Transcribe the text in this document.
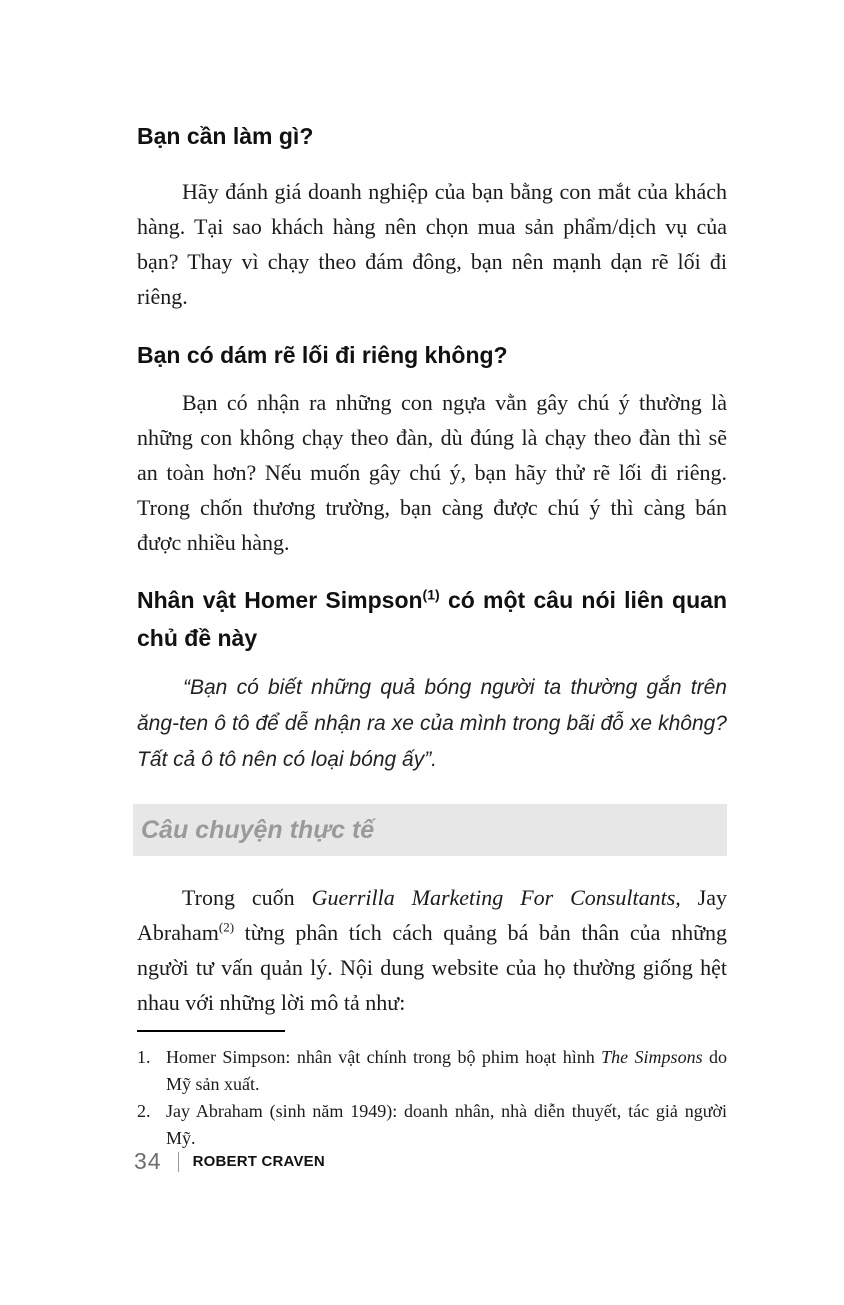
Bạn cần làm gì?

Hãy đánh giá doanh nghiệp của bạn bằng con mắt của khách hàng. Tại sao khách hàng nên chọn mua sản phẩm/dịch vụ của bạn? Thay vì chạy theo đám đông, bạn nên mạnh dạn rẽ lối đi riêng.

Bạn có dám rẽ lối đi riêng không?

Bạn có nhận ra những con ngựa vằn gây chú ý thường là những con không chạy theo đàn, dù đúng là chạy theo đàn thì sẽ an toàn hơn? Nếu muốn gây chú ý, bạn hãy thử rẽ lối đi riêng. Trong chốn thương trường, bạn càng được chú ý thì càng bán được nhiều hàng.

Nhân vật Homer Simpson$^{(1)}$ có một câu nói liên quan chủ đề này

“Bạn có biết những quả bóng người ta thường gắn trên ăng-ten ô tô để dễ nhận ra xe của mình trong bãi đỗ xe không? Tất cả ô tô nên có loại bóng ấy”.

Câu chuyện thực tế

Trong cuốn Guerrilla Marketing For Consultants, Jay Abraham$^{(2)}$ từng phân tích cách quảng bá bản thân của những người tư vấn quản lý. Nội dung website của họ thường giống hệt nhau với những lời mô tả như:

1. Homer Simpson: nhân vật chính trong bộ phim hoạt hình The Simpsons do Mỹ sản xuất.
2. Jay Abraham (sinh năm 1949): doanh nhân, nhà diễn thuyết, tác giả người Mỹ.
34 ROBERT CRAVEN
